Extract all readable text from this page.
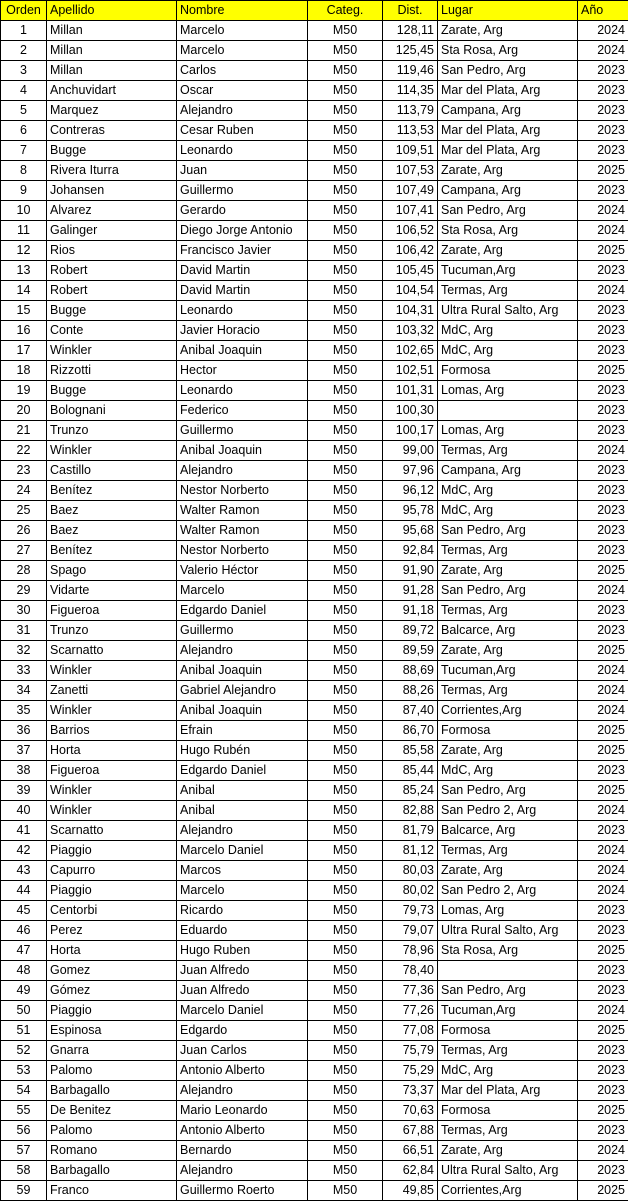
Orden	Apellido	Nombre	Categ.	Dist.	Lugar	Año
1	Millan	Marcelo	M50	128,11	Zarate, Arg	2024
2	Millan	Marcelo	M50	125,45	Sta Rosa, Arg	2024
3	Millan	Carlos	M50	119,46	San Pedro, Arg	2023
4	Anchuvidart	Oscar	M50	114,35	Mar del Plata, Arg	2023
5	Marquez	Alejandro	M50	113,79	Campana, Arg	2023
6	Contreras	Cesar Ruben	M50	113,53	Mar del Plata, Arg	2023
7	Bugge	Leonardo	M50	109,51	Mar del Plata, Arg	2023
8	Rivera Iturra	Juan	M50	107,53	Zarate, Arg	2025
9	Johansen	Guillermo	M50	107,49	Campana, Arg	2023
10	Alvarez	Gerardo	M50	107,41	San Pedro, Arg	2024
11	Galinger	Diego Jorge Antonio	M50	106,52	Sta Rosa, Arg	2024
12	Rios	Francisco Javier	M50	106,42	Zarate, Arg	2025
13	Robert	David Martin	M50	105,45	Tucuman,Arg	2023
14	Robert	David Martin	M50	104,54	Termas, Arg	2024
15	Bugge	Leonardo	M50	104,31	Ultra Rural Salto, Arg	2023
16	Conte	Javier Horacio	M50	103,32	MdC, Arg	2023
17	Winkler	Anibal Joaquin	M50	102,65	MdC, Arg	2023
18	Rizzotti	Hector	M50	102,51	Formosa	2025
19	Bugge	Leonardo	M50	101,31	Lomas, Arg	2023
20	Bolognani	Federico	M50	100,30		2023
21	Trunzo	Guillermo	M50	100,17	Lomas, Arg	2023
22	Winkler	Anibal Joaquin	M50	99,00	Termas, Arg	2024
23	Castillo	Alejandro	M50	97,96	Campana, Arg	2023
24	Benítez	Nestor Norberto	M50	96,12	MdC, Arg	2023
25	Baez	Walter Ramon	M50	95,78	MdC, Arg	2023
26	Baez	Walter Ramon	M50	95,68	San Pedro, Arg	2023
27	Benítez	Nestor Norberto	M50	92,84	Termas, Arg	2023
28	Spago	Valerio Héctor	M50	91,90	Zarate, Arg	2025
29	Vidarte	Marcelo	M50	91,28	San Pedro, Arg	2024
30	Figueroa	Edgardo Daniel	M50	91,18	Termas, Arg	2023
31	Trunzo	Guillermo	M50	89,72	Balcarce, Arg	2023
32	Scarnatto	Alejandro	M50	89,59	Zarate, Arg	2025
33	Winkler	Anibal Joaquin	M50	88,69	Tucuman,Arg	2024
34	Zanetti	Gabriel Alejandro	M50	88,26	Termas, Arg	2024
35	Winkler	Anibal Joaquin	M50	87,40	Corrientes,Arg	2024
36	Barrios	Efrain	M50	86,70	Formosa	2025
37	Horta	Hugo Rubén	M50	85,58	Zarate, Arg	2025
38	Figueroa	Edgardo Daniel	M50	85,44	MdC, Arg	2023
39	Winkler	Anibal	M50	85,24	San Pedro, Arg	2025
40	Winkler	Anibal	M50	82,88	San Pedro 2, Arg	2024
41	Scarnatto	Alejandro	M50	81,79	Balcarce, Arg	2023
42	Piaggio	Marcelo Daniel	M50	81,12	Termas, Arg	2024
43	Capurro	Marcos	M50	80,03	Zarate, Arg	2024
44	Piaggio	Marcelo	M50	80,02	San Pedro 2, Arg	2024
45	Centorbi	Ricardo	M50	79,73	Lomas, Arg	2023
46	Perez	Eduardo	M50	79,07	Ultra Rural Salto, Arg	2023
47	Horta	Hugo Ruben	M50	78,96	Sta Rosa, Arg	2025
48	Gomez	Juan Alfredo	M50	78,40		2023
49	Gómez	Juan Alfredo	M50	77,36	San Pedro, Arg	2023
50	Piaggio	Marcelo Daniel	M50	77,26	Tucuman,Arg	2024
51	Espinosa	Edgardo	M50	77,08	Formosa	2025
52	Gnarra	Juan Carlos	M50	75,79	Termas, Arg	2023
53	Palomo	Antonio Alberto	M50	75,29	MdC, Arg	2023
54	Barbagallo	Alejandro	M50	73,37	Mar del Plata, Arg	2023
55	De Benitez	Mario Leonardo	M50	70,63	Formosa	2025
56	Palomo	Antonio Alberto	M50	67,88	Termas, Arg	2023
57	Romano	Bernardo	M50	66,51	Zarate, Arg	2024
58	Barbagallo	Alejandro	M50	62,84	Ultra Rural Salto, Arg	2023
59	Franco	Guillermo Roerto	M50	49,85	Corrientes,Arg	2025
